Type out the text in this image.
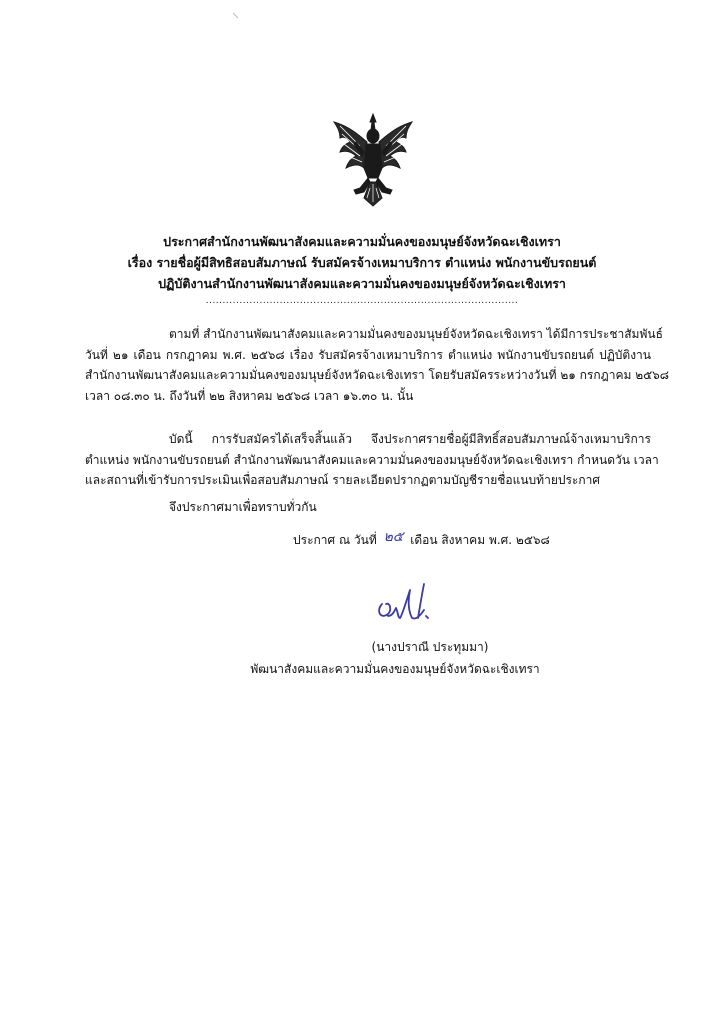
ประกาศสำนักงานพัฒนาสังคมและความมั่นคงของมนุษย์จังหวัดฉะเชิงเทรา
เรื่อง รายชื่อผู้มีสิทธิสอบสัมภาษณ์ รับสมัครจ้างเหมาบริการ ตำแหน่ง พนักงานขับรถยนต์
ปฏิบัติงานสำนักงานพัฒนาสังคมและความมั่นคงของมนุษย์จังหวัดฉะเชิงเทรา
.............................................................................................
ตามที่ สำนักงานพัฒนาสังคมและความมั่นคงของมนุษย์จังหวัดฉะเชิงเทรา ได้มีการประชาสัมพันธ์
วันที่ ๒๑ เดือน กรกฎาคม พ.ศ. ๒๕๖๘ เรื่อง รับสมัครจ้างเหมาบริการ ตำแหน่ง พนักงานขับรถยนต์ ปฏิบัติงาน
สำนักงานพัฒนาสังคมและความมั่นคงของมนุษย์จังหวัดฉะเชิงเทรา โดยรับสมัครระหว่างวันที่ ๒๑ กรกฎาคม ๒๕๖๘
เวลา ๐๘.๓๐ น. ถึงวันที่ ๒๒ สิงหาคม ๒๕๖๘ เวลา ๑๖.๓๐ น. นั้น
บัดนี้ การรับสมัครได้เสร็จสิ้นแล้ว จึงประกาศรายชื่อผู้มีสิทธิ์สอบสัมภาษณ์จ้างเหมาบริการ
ตำแหน่ง พนักงานขับรถยนต์ สำนักงานพัฒนาสังคมและความมั่นคงของมนุษย์จังหวัดฉะเชิงเทรา กำหนดวัน เวลา
และสถานที่เข้ารับการประเมินเพื่อสอบสัมภาษณ์ รายละเอียดปรากฏตามบัญชีรายชื่อแนบท้ายประกาศ
จึงประกาศมาเพื่อทราบทั่วกัน
ประกาศ ณ วันที่ ๒๕ เดือน สิงหาคม พ.ศ. ๒๕๖๘
(นางปราณี ประทุมมา)
พัฒนาสังคมและความมั่นคงของมนุษย์จังหวัดฉะเชิงเทรา
